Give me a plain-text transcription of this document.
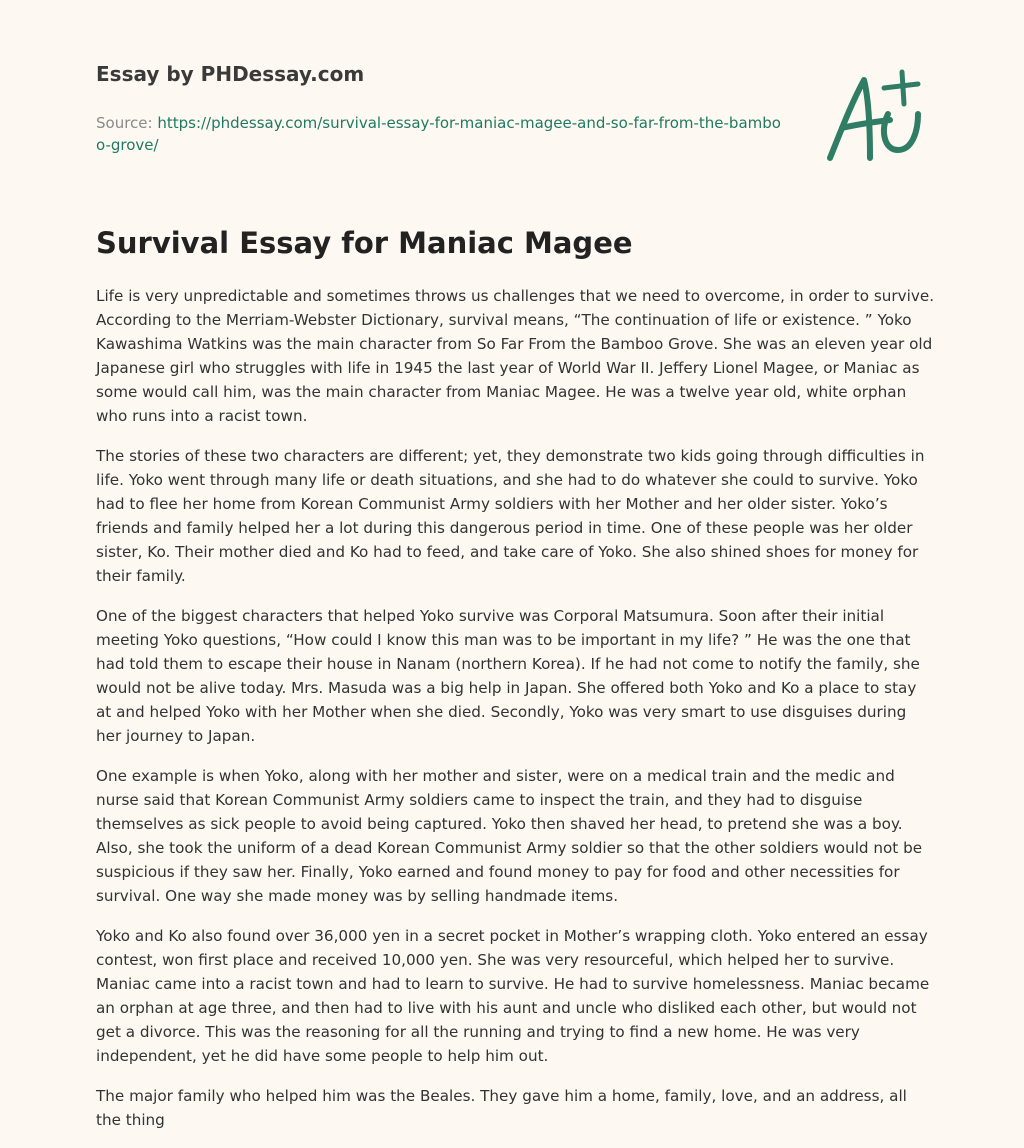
Essay by PHDessay.com
Source: https://phdessay.com/survival-essay-for-maniac-magee-and-so-far-from-the-bamboo-grove/
Survival Essay for Maniac Magee

Life is very unpredictable and sometimes throws us challenges that we need to overcome, in order to survive. According to the Merriam-Webster Dictionary, survival means, “The continuation of life or existence. ” Yoko Kawashima Watkins was the main character from So Far From the Bamboo Grove. She was an eleven year old Japanese girl who struggles with life in 1945 the last year of World War II. Jeffery Lionel Magee, or Maniac as some would call him, was the main character from Maniac Magee. He was a twelve year old, white orphan who runs into a racist town.

The stories of these two characters are different; yet, they demonstrate two kids going through difficulties in life. Yoko went through many life or death situations, and she had to do whatever she could to survive. Yoko had to flee her home from Korean Communist Army soldiers with her Mother and her older sister. Yoko’s friends and family helped her a lot during this dangerous period in time. One of these people was her older sister, Ko. Their mother died and Ko had to feed, and take care of Yoko. She also shined shoes for money for their family.

One of the biggest characters that helped Yoko survive was Corporal Matsumura. Soon after their initial meeting Yoko questions, “How could I know this man was to be important in my life? ” He was the one that had told them to escape their house in Nanam (northern Korea). If he had not come to notify the family, she would not be alive today. Mrs. Masuda was a big help in Japan. She offered both Yoko and Ko a place to stay at and helped Yoko with her Mother when she died. Secondly, Yoko was very smart to use disguises during her journey to Japan.

One example is when Yoko, along with her mother and sister, were on a medical train and the medic and nurse said that Korean Communist Army soldiers came to inspect the train, and they had to disguise themselves as sick people to avoid being captured. Yoko then shaved her head, to pretend she was a boy. Also, she took the uniform of a dead Korean Communist Army soldier so that the other soldiers would not be suspicious if they saw her. Finally, Yoko earned and found money to pay for food and other necessities for survival. One way she made money was by selling handmade items.

Yoko and Ko also found over 36,000 yen in a secret pocket in Mother’s wrapping cloth. Yoko entered an essay contest, won first place and received 10,000 yen. She was very resourceful, which helped her to survive. Maniac came into a racist town and had to learn to survive. He had to survive homelessness. Maniac became an orphan at age three, and then had to live with his aunt and uncle who disliked each other, but would not get a divorce. This was the reasoning for all the running and trying to find a new home. He was very independent, yet he did have some people to help him out.

The major family who helped him was the Beales. They gave him a home, family, love, and an address, all the thing
